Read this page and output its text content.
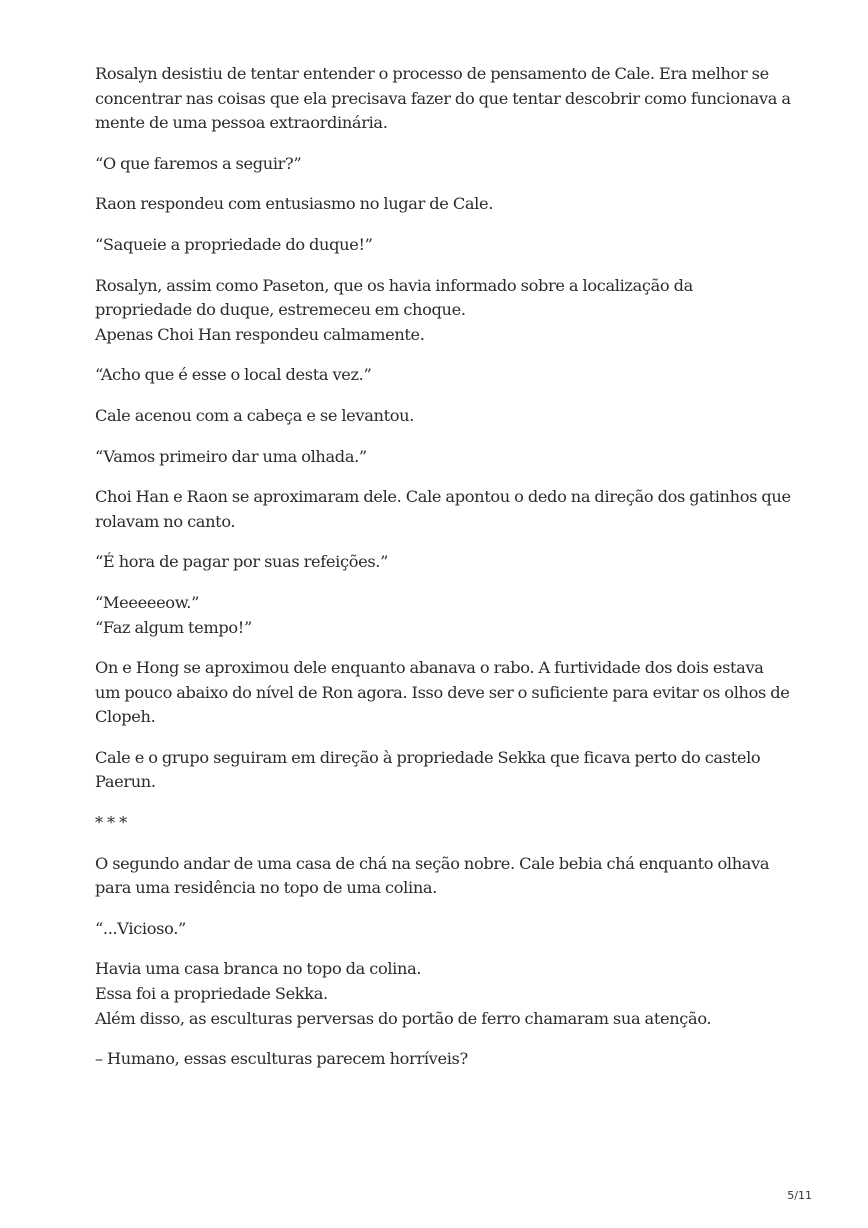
Rosalyn desistiu de tentar entender o processo de pensamento de Cale. Era melhor se
concentrar nas coisas que ela precisava fazer do que tentar descobrir como funcionava a
mente de uma pessoa extraordinária.

“O que faremos a seguir?”

Raon respondeu com entusiasmo no lugar de Cale.

“Saqueie a propriedade do duque!”

Rosalyn, assim como Paseton, que os havia informado sobre a localização da
propriedade do duque, estremeceu em choque.
Apenas Choi Han respondeu calmamente.

“Acho que é esse o local desta vez.”

Cale acenou com a cabeça e se levantou.

“Vamos primeiro dar uma olhada.”

Choi Han e Raon se aproximaram dele. Cale apontou o dedo na direção dos gatinhos que
rolavam no canto.

“É hora de pagar por suas refeições.”

“Meeeeeow.”
“Faz algum tempo!”

On e Hong se aproximou dele enquanto abanava o rabo. A furtividade dos dois estava
um pouco abaixo do nível de Ron agora. Isso deve ser o suficiente para evitar os olhos de
Clopeh.

Cale e o grupo seguiram em direção à propriedade Sekka que ficava perto do castelo
Paerun.

* * *

O segundo andar de uma casa de chá na seção nobre. Cale bebia chá enquanto olhava
para uma residência no topo de uma colina.

“...Vicioso.”

Havia uma casa branca no topo da colina.
Essa foi a propriedade Sekka.
Além disso, as esculturas perversas do portão de ferro chamaram sua atenção.

– Humano, essas esculturas parecem horríveis?

5/11
